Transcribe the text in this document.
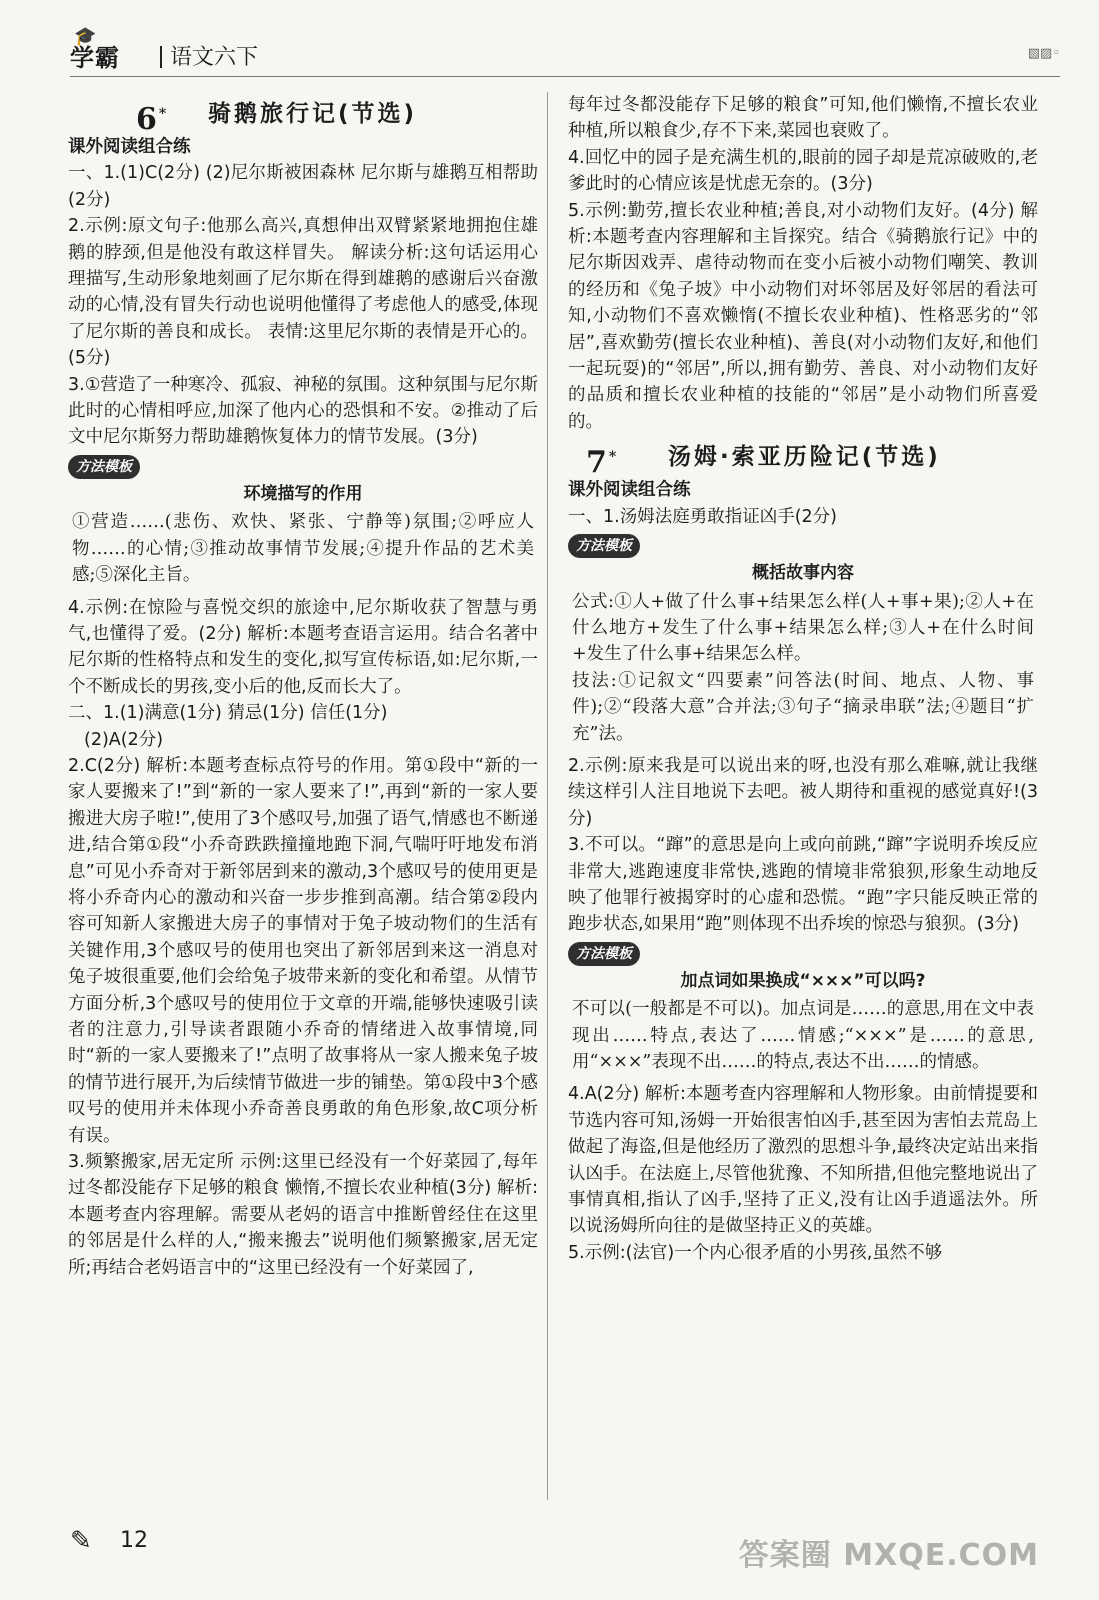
🎓
学霸 语文六下	▧▨◦
6 * 骑鹅旅行记(节选)

课外阅读组合练

一、1.(1)C(2分) (2)尼尔斯被困森林 尼尔斯与雄鹅互相帮助(2分)

2.示例:原文句子:他那么高兴,真想伸出双臂紧紧地拥抱住雄鹅的脖颈,但是他没有敢这样冒失。 解读分析:这句话运用心理描写,生动形象地刻画了尼尔斯在得到雄鹅的感谢后兴奋激动的心情,没有冒失行动也说明他懂得了考虑他人的感受,体现了尼尔斯的善良和成长。 表情:这里尼尔斯的表情是开心的。(5分)

3.①营造了一种寒冷、孤寂、神秘的氛围。这种氛围与尼尔斯此时的心情相呼应,加深了他内心的恐惧和不安。②推动了后文中尼尔斯努力帮助雄鹅恢复体力的情节发展。(3分)

方法模板
环境描写的作用

①营造……(悲伤、欢快、紧张、宁静等)氛围;②呼应人物……的心情;③推动故事情节发展;④提升作品的艺术美感;⑤深化主旨。

4.示例:在惊险与喜悦交织的旅途中,尼尔斯收获了智慧与勇气,也懂得了爱。(2分) 解析:本题考查语言运用。结合名著中尼尔斯的性格特点和发生的变化,拟写宣传标语,如:尼尔斯,一个不断成长的男孩,变小后的他,反而长大了。

二、1.(1)满意(1分) 猜忌(1分) 信任(1分)

(2)A(2分)

2.C(2分) 解析:本题考查标点符号的作用。第①段中“新的一家人要搬来了!”到“新的一家人要来了!”,再到“新的一家人要搬进大房子啦!”,使用了3个感叹号,加强了语气,情感也不断递进,结合第①段“小乔奇跌跌撞撞地跑下洞,气喘吁吁地发布消息”可见小乔奇对于新邻居到来的激动,3个感叹号的使用更是将小乔奇内心的激动和兴奋一步步推到高潮。结合第②段内容可知新人家搬进大房子的事情对于兔子坡动物们的生活有关键作用,3个感叹号的使用也突出了新邻居到来这一消息对兔子坡很重要,他们会给兔子坡带来新的变化和希望。从情节方面分析,3个感叹号的使用位于文章的开端,能够快速吸引读者的注意力,引导读者跟随小乔奇的情绪进入故事情境,同时“新的一家人要搬来了!”点明了故事将从一家人搬来兔子坡的情节进行展开,为后续情节做进一步的铺垫。第①段中3个感叹号的使用并未体现小乔奇善良勇敢的角色形象,故C项分析有误。

3.频繁搬家,居无定所 示例:这里已经没有一个好菜园了,每年过冬都没能存下足够的粮食 懒惰,不擅长农业种植(3分) 解析:本题考查内容理解。需要从老妈的语言中推断曾经住在这里的邻居是什么样的人,“搬来搬去”说明他们频繁搬家,居无定所;再结合老妈语言中的“这里已经没有一个好菜园了,

每年过冬都没能存下足够的粮食”可知,他们懒惰,不擅长农业种植,所以粮食少,存不下来,菜园也衰败了。

4.回忆中的园子是充满生机的,眼前的园子却是荒凉破败的,老爹此时的心情应该是忧虑无奈的。(3分)

5.示例:勤劳,擅长农业种植;善良,对小动物们友好。(4分) 解析:本题考查内容理解和主旨探究。结合《骑鹅旅行记》中的尼尔斯因戏弄、虐待动物而在变小后被小动物们嘲笑、教训的经历和《兔子坡》中小动物们对坏邻居及好邻居的看法可知,小动物们不喜欢懒惰(不擅长农业种植)、性格恶劣的“邻居”,喜欢勤劳(擅长农业种植)、善良(对小动物们友好,和他们一起玩耍)的“邻居”,所以,拥有勤劳、善良、对小动物们友好的品质和擅长农业种植的技能的“邻居”是小动物们所喜爱的。

7 * 汤姆·索亚历险记(节选)

课外阅读组合练

一、1.汤姆法庭勇敢指证凶手(2分)

方法模板
概括故事内容

公式:①人+做了什么事+结果怎么样(人+事+果);②人+在什么地方+发生了什么事+结果怎么样;③人+在什么时间+发生了什么事+结果怎么样。

技法:①记叙文“四要素”问答法(时间、地点、人物、事件);②“段落大意”合并法;③句子“摘录串联”法;④题目“扩充”法。

2.示例:原来我是可以说出来的呀,也没有那么难嘛,就让我继续这样引人注目地说下去吧。被人期待和重视的感觉真好!(3分)

3.不可以。“蹿”的意思是向上或向前跳,“蹿”字说明乔埃反应非常大,逃跑速度非常快,逃跑的情境非常狼狈,形象生动地反映了他罪行被揭穿时的心虚和恐慌。“跑”字只能反映正常的跑步状态,如果用“跑”则体现不出乔埃的惊恐与狼狈。(3分)

方法模板
加点词如果换成“×××”可以吗?

不可以(一般都是不可以)。加点词是……的意思,用在文中表现出……特点,表达了……情感;“×××”是……的意思,用“×××”表现不出……的特点,表达不出……的情感。

4.A(2分) 解析:本题考查内容理解和人物形象。由前情提要和节选内容可知,汤姆一开始很害怕凶手,甚至因为害怕去荒岛上做起了海盗,但是他经历了激烈的思想斗争,最终决定站出来指认凶手。在法庭上,尽管他犹豫、不知所措,但他完整地说出了事情真相,指认了凶手,坚持了正义,没有让凶手逍遥法外。所以说汤姆所向往的是做坚持正义的英雄。

5.示例:(法官)一个内心很矛盾的小男孩,虽然不够

✎ 12	答案圈 MXQE.COM
